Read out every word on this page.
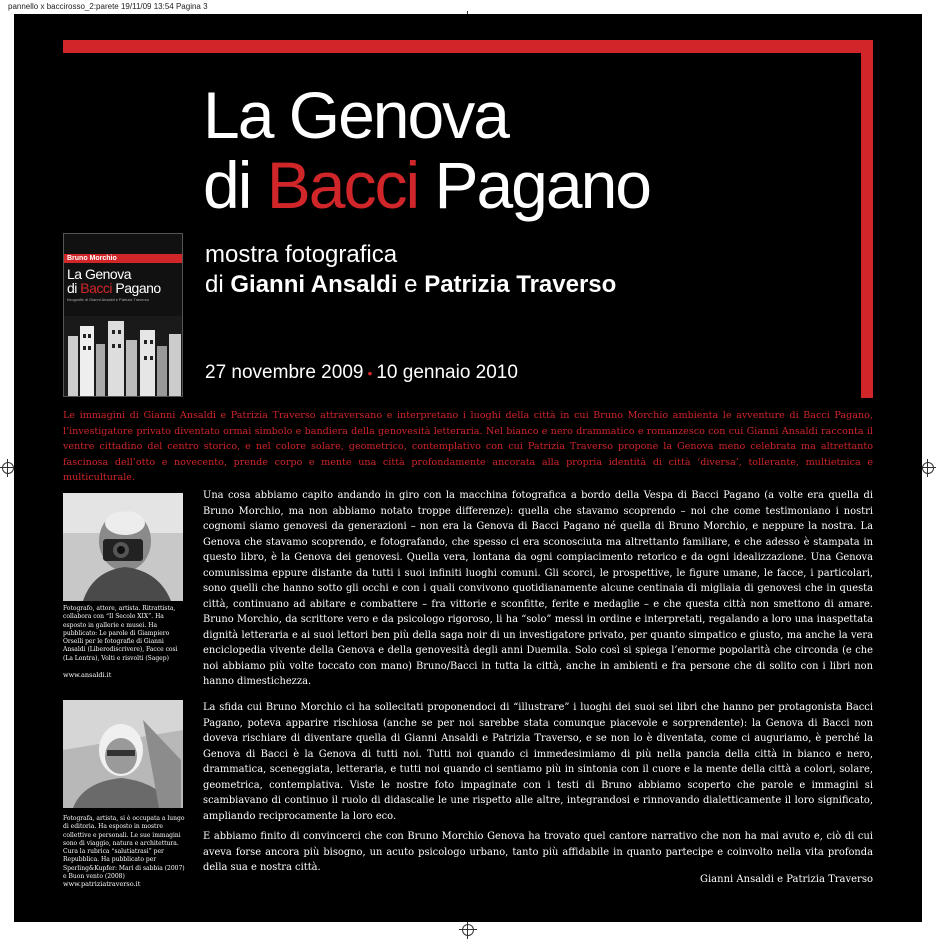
pannello x baccirosso_2:parete 19/11/09 13:54 Pagina 3
La Genova
di Bacci Pagano
Bruno Morchio
La Genova
di Bacci Pagano
fotografie di Gianni Ansaldi e Patrizia Traverso
mostra fotografica
di Gianni Ansaldi e Patrizia Traverso
27 novembre 2009 • 10 gennaio 2010
Le immagini di Gianni Ansaldi e Patrizia Traverso attraversano e interpretano i luoghi della città in cui Bruno Morchio ambienta le avventure di Bacci Pagano, l’investigatore privato diventato ormai simbolo e bandiera della genovesità letteraria. Nel bianco e nero drammatico e romanzesco con cui Gianni Ansaldi racconta il ventre cittadino del centro storico, e nel colore solare, geometrico, contemplativo con cui Patrizia Traverso propone la Genova meno celebrata ma altrettanto fascinosa dell’otto e novecento, prende corpo e mente una città profondamente ancorata alla propria identità di città ‘diversa’, tollerante, multietnica e multiculturale.
Fotografo, attore, artista. Ritrattista, collabora con “Il Secolo XIX”. Ha esposto in gallerie e musei. Ha pubblicato: Le parole di Giampiero Orselli per le fotografie di Gianni Ansaldi (Liberodiscrivere), Facce così (La Lontra), Volti e risvolti (Sagep)
www.ansaldi.it
Fotografa, artista, si è occupata a lungo di editoria. Ha esposto in mostre collettive e personali. Le sue immagini sono di viaggio, natura e architettura. Cura la rubrica “salutiatrasi” per Repubblica. Ha pubblicato per Sperling&Kupfer: Mari di sabbia (2007) e Buon vento (2008)
www.patriziatraverso.it

Una cosa abbiamo capito andando in giro con la macchina fotografica a bordo della Vespa di Bacci Pagano (a volte era quella di Bruno Morchio, ma non abbiamo notato troppe differenze): quella che stavamo scoprendo – noi che come testimoniano i nostri cognomi siamo genovesi da generazioni – non era la Genova di Bacci Pagano né quella di Bruno Morchio, e neppure la nostra. La Genova che stavamo scoprendo, e fotografando, che spesso ci era sconosciuta ma altrettanto familiare, e che adesso è stampata in questo libro, è la Genova dei genovesi. Quella vera, lontana da ogni compiacimento retorico e da ogni idealizzazione. Una Genova comunissima eppure distante da tutti i suoi infiniti luoghi comuni. Gli scorci, le prospettive, le figure umane, le facce, i particolari, sono quelli che hanno sotto gli occhi e con i quali convivono quotidianamente alcune centinaia di migliaia di genovesi che in questa città, continuano ad abitare e combattere – fra vittorie e sconfitte, ferite e medaglie – e che questa città non smettono di amare. Bruno Morchio, da scrittore vero e da psicologo rigoroso, li ha “solo” messi in ordine e interpretati, regalando a loro una inaspettata dignità letteraria e ai suoi lettori ben più della saga noir di un investigatore privato, per quanto simpatico e giusto, ma anche la vera enciclopedia vivente della Genova e della genovesità degli anni Duemila. Solo così si spiega l’enorme popolarità che circonda (e che noi abbiamo più volte toccato con mano) Bruno/Bacci in tutta la città, anche in ambienti e fra persone che di solito con i libri non hanno dimestichezza.

La sfida cui Bruno Morchio ci ha sollecitati proponendoci di “illustrare” i luoghi dei suoi sei libri che hanno per protagonista Bacci Pagano, poteva apparire rischiosa (anche se per noi sarebbe stata comunque piacevole e sorprendente): la Genova di Bacci non doveva rischiare di diventare quella di Gianni Ansaldi e Patrizia Traverso, e se non lo è diventata, come ci auguriamo, è perché la Genova di Bacci è la Genova di tutti noi. Tutti noi quando ci immedesimiamo di più nella pancia della città in bianco e nero, drammatica, sceneggiata, letteraria, e tutti noi quando ci sentiamo più in sintonia con il cuore e la mente della città a colori, solare, geometrica, contemplativa. Viste le nostre foto impaginate con i testi di Bruno abbiamo scoperto che parole e immagini si scambiavano di continuo il ruolo di didascalie le une rispetto alle altre, integrandosi e rinnovando dialetticamente il loro significato, ampliando reciprocamente la loro eco.

E abbiamo finito di convincerci che con Bruno Morchio Genova ha trovato quel cantore narrativo che non ha mai avuto e, ciò di cui aveva forse ancora più bisogno, un acuto psicologo urbano, tanto più affidabile in quanto partecipe e coinvolto nella vita profonda della sua e nostra città.

Gianni Ansaldi e Patrizia Traverso
